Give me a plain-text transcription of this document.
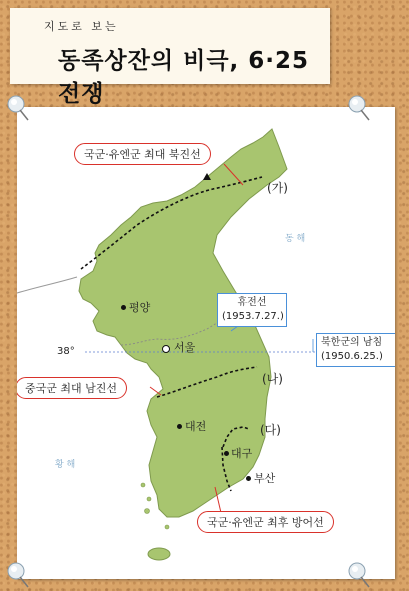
지도로 보는
동족상잔의 비극, 6·25 전쟁
동 해
황 해
평양
서울
대전
대구
부산
(가)
(나)
(다)
38°
국군·유엔군 최대 북진선
중국군 최대 남진선
국군·유엔군 최후 방어선
휴전선
(1953.7.27.)
북한군의 남침
(1950.6.25.)
